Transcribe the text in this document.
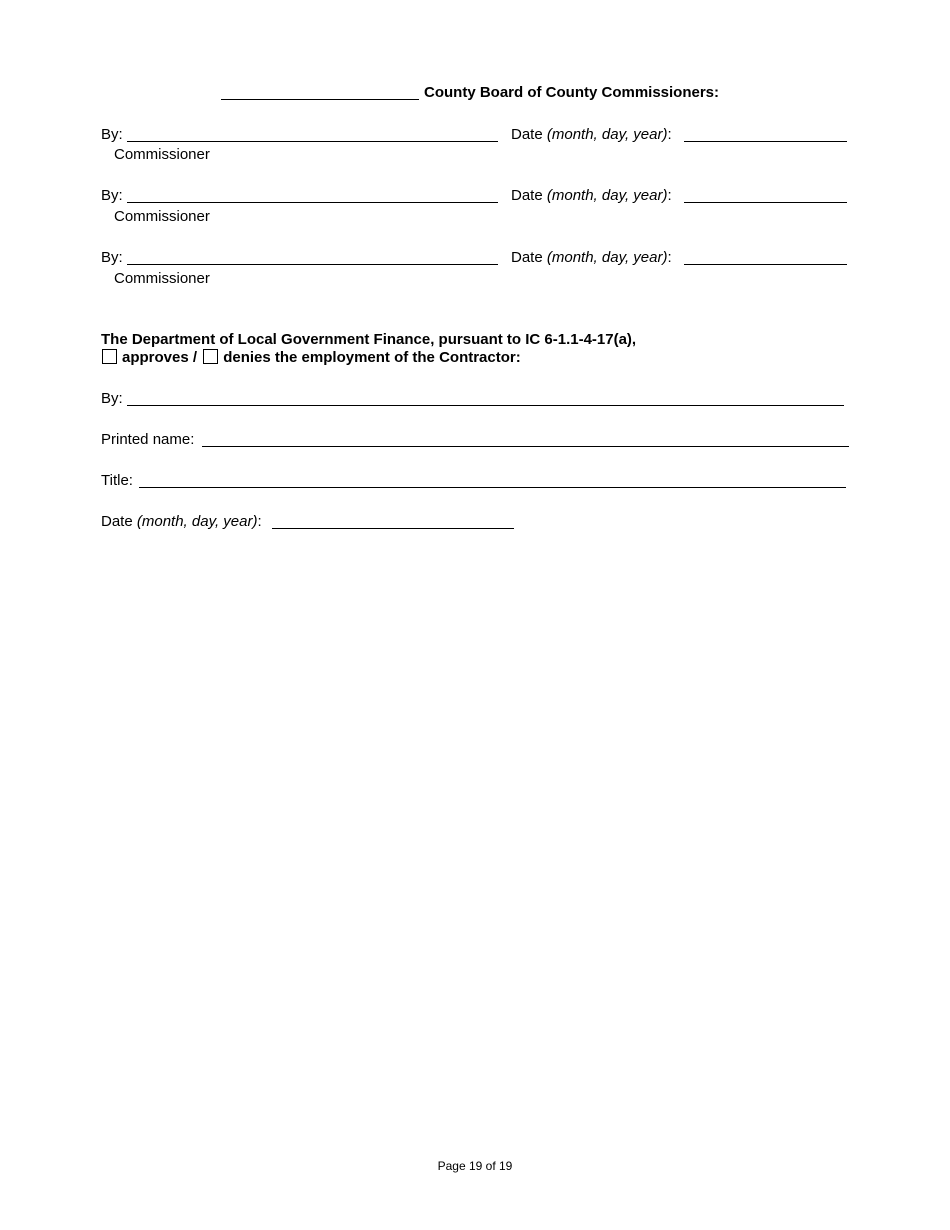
County Board of County Commissioners:
By:	Date (month, day, year):
Commissioner
By:	Date (month, day, year):
Commissioner
By:	Date (month, day, year):
Commissioner
The Department of Local Government Finance, pursuant to IC 6-1.1-4-17(a),
approves / denies the employment of the Contractor:
By:
Printed name:
Title:
Date (month, day, year):
Page 19 of 19
